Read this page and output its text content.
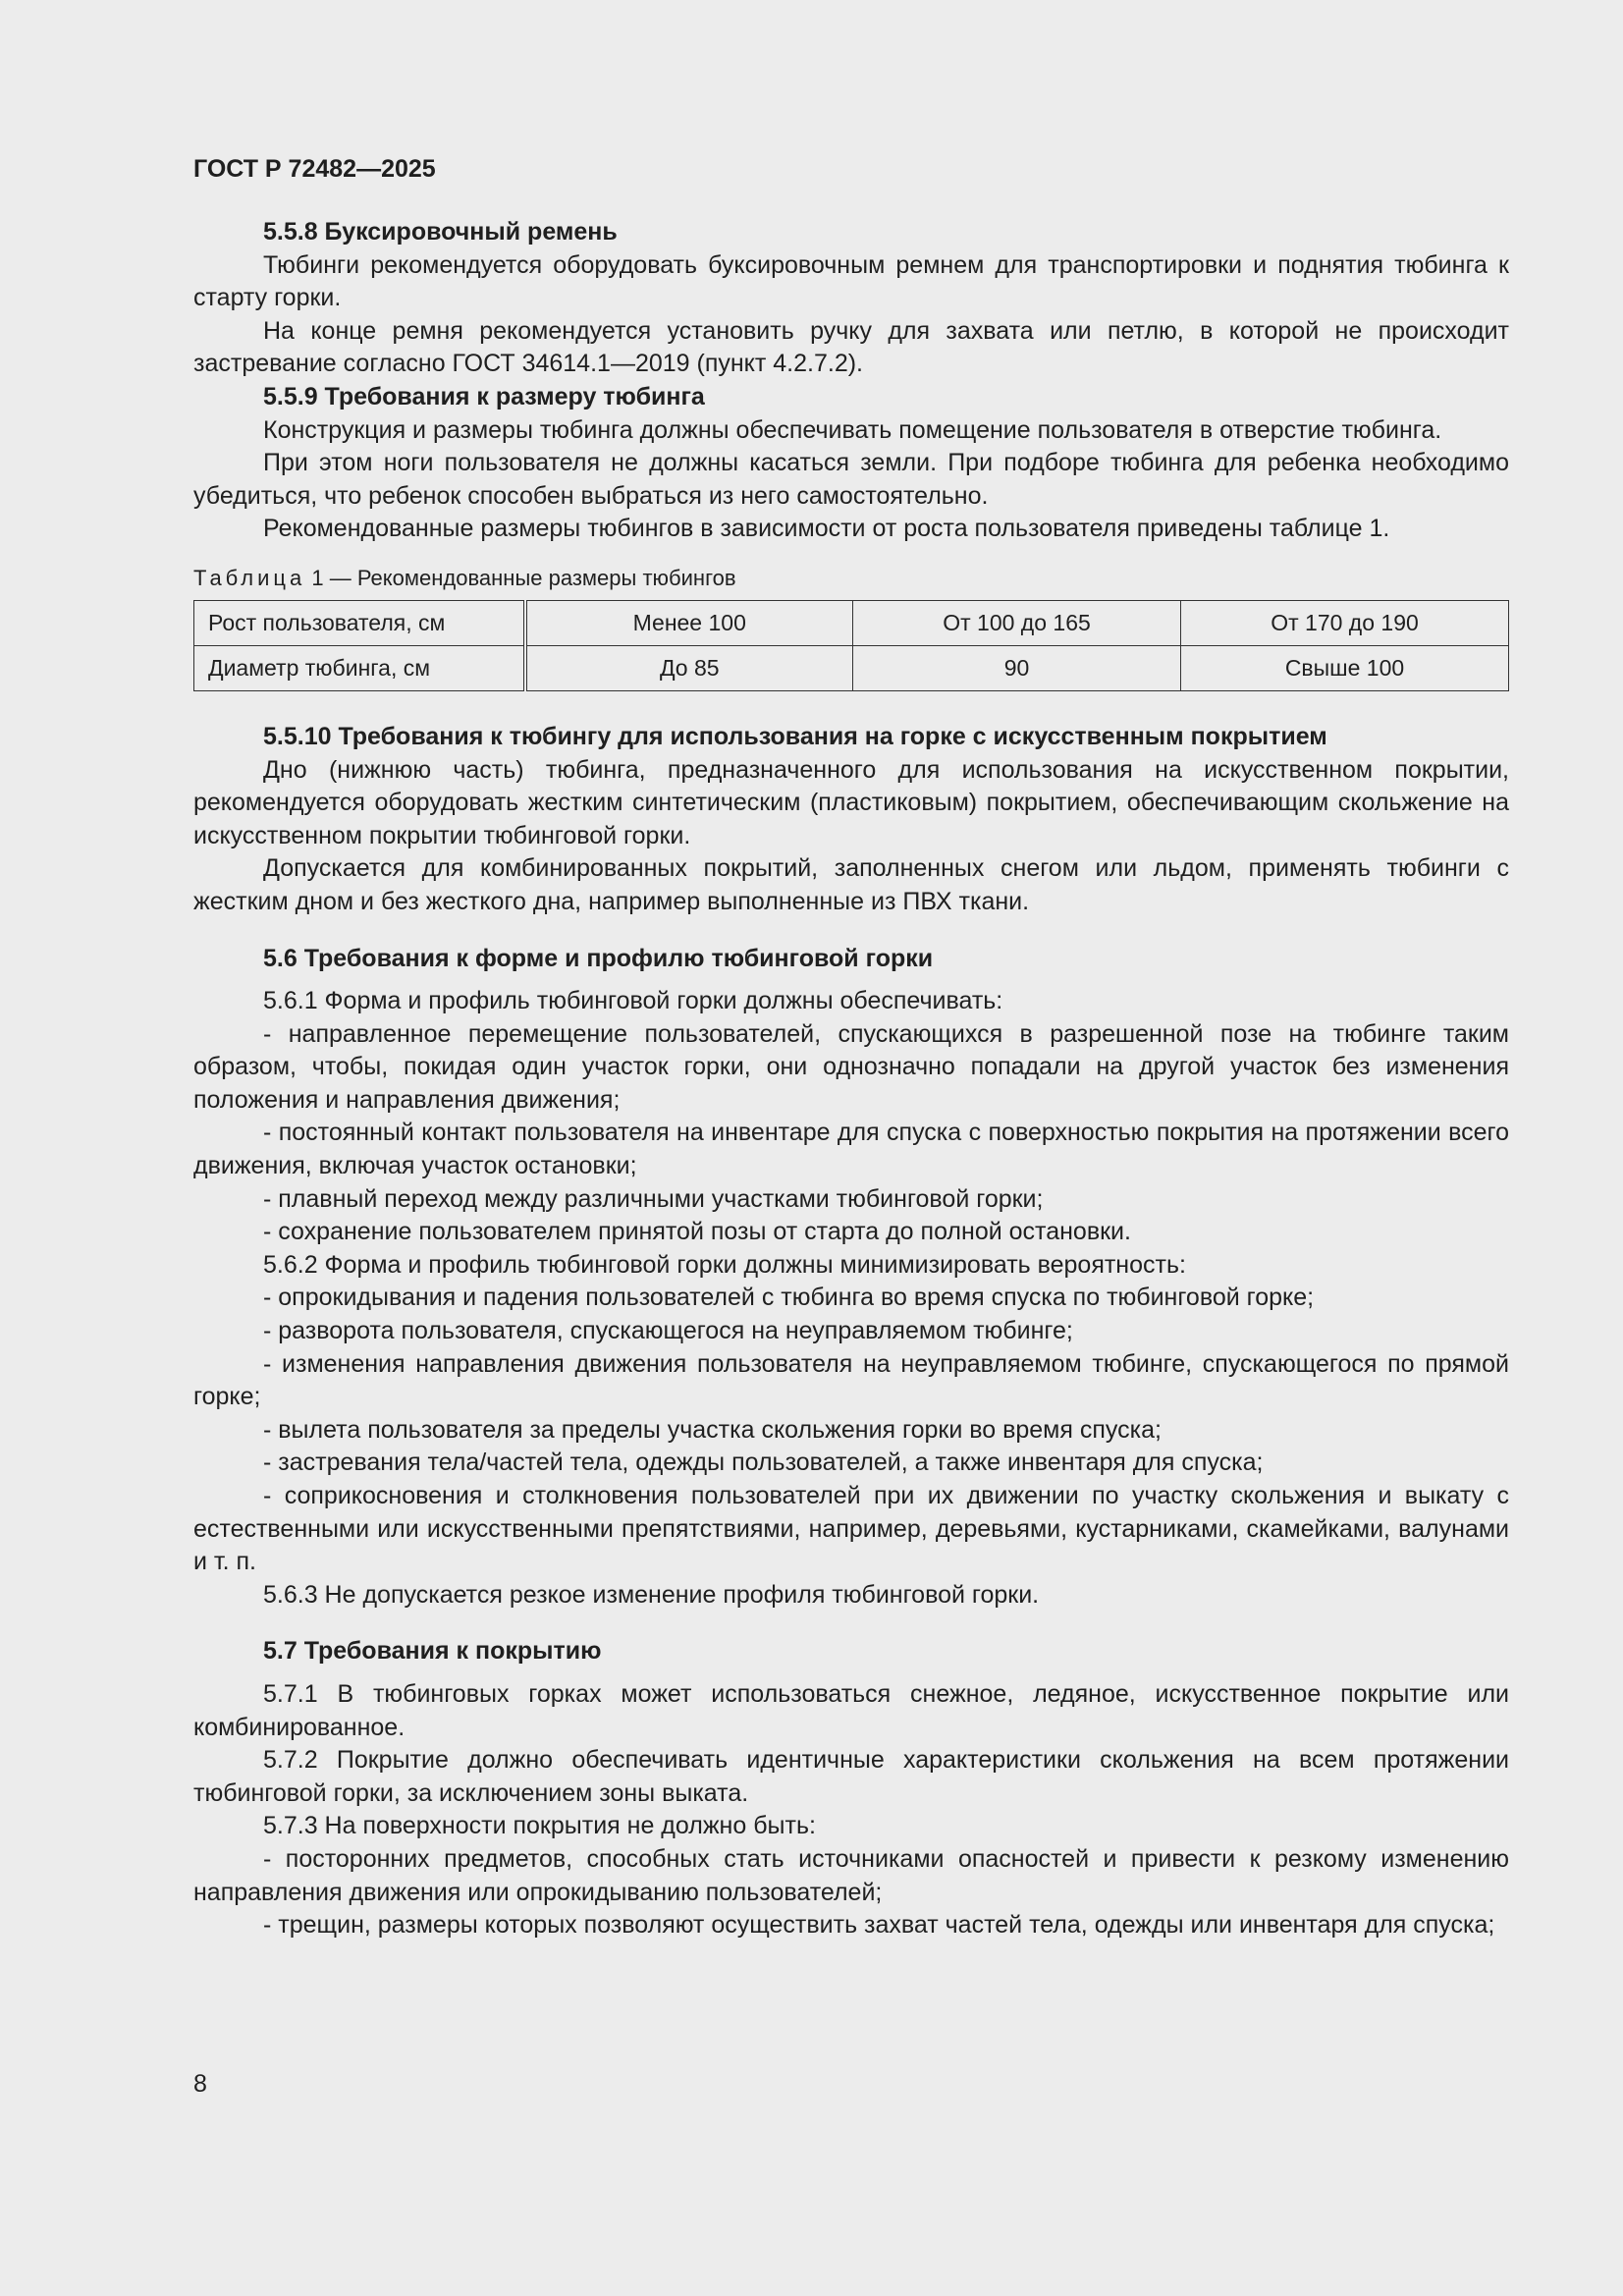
ГОСТ Р 72482—2025

5.5.8 Буксировочный ремень

Тюбинги рекомендуется оборудовать буксировочным ремнем для транспортировки и поднятия тюбинга к старту горки.

На конце ремня рекомендуется установить ручку для захвата или петлю, в которой не происходит застревание согласно ГОСТ 34614.1—2019 (пункт 4.2.7.2).

5.5.9 Требования к размеру тюбинга

Конструкция и размеры тюбинга должны обеспечивать помещение пользователя в отверстие тюбинга.

При этом ноги пользователя не должны касаться земли. При подборе тюбинга для ребенка необходимо убедиться, что ребенок способен выбраться из него самостоятельно.

Рекомендованные размеры тюбингов в зависимости от роста пользователя приведены таблице 1.

Таблица 1 — Рекомендованные размеры тюбингов
Рост пользователя, см	Менее 100	От 100 до 165	От 170 до 190
Диаметр тюбинга, см	До 85	90	Свыше 100

5.5.10 Требования к тюбингу для использования на горке с искусственным покрытием

Дно (нижнюю часть) тюбинга, предназначенного для использования на искусственном покрытии, рекомендуется оборудовать жестким синтетическим (пластиковым) покрытием, обеспечивающим скольжение на искусственном покрытии тюбинговой горки.

Допускается для комбинированных покрытий, заполненных снегом или льдом, применять тюбинги с жестким дном и без жесткого дна, например выполненные из ПВХ ткани.

5.6 Требования к форме и профилю тюбинговой горки

5.6.1 Форма и профиль тюбинговой горки должны обеспечивать:

- направленное перемещение пользователей, спускающихся в разрешенной позе на тюбинге таким образом, чтобы, покидая один участок горки, они однозначно попадали на другой участок без изменения положения и направления движения;

- постоянный контакт пользователя на инвентаре для спуска с поверхностью покрытия на протяжении всего движения, включая участок остановки;

- плавный переход между различными участками тюбинговой горки;

- сохранение пользователем принятой позы от старта до полной остановки.

5.6.2 Форма и профиль тюбинговой горки должны минимизировать вероятность:

- опрокидывания и падения пользователей с тюбинга во время спуска по тюбинговой горке;

- разворота пользователя, спускающегося на неуправляемом тюбинге;

- изменения направления движения пользователя на неуправляемом тюбинге, спускающегося по прямой горке;

- вылета пользователя за пределы участка скольжения горки во время спуска;

- застревания тела/частей тела, одежды пользователей, а также инвентаря для спуска;

- соприкосновения и столкновения пользователей при их движении по участку скольжения и выкату с естественными или искусственными препятствиями, например, деревьями, кустарниками, скамейками, валунами и т. п.

5.6.3 Не допускается резкое изменение профиля тюбинговой горки.

5.7 Требования к покрытию

5.7.1 В тюбинговых горках может использоваться снежное, ледяное, искусственное покрытие или комбинированное.

5.7.2 Покрытие должно обеспечивать идентичные характеристики скольжения на всем протяжении тюбинговой горки, за исключением зоны выката.

5.7.3 На поверхности покрытия не должно быть:

- посторонних предметов, способных стать источниками опасностей и привести к резкому изменению направления движения или опрокидыванию пользователей;

- трещин, размеры которых позволяют осуществить захват частей тела, одежды или инвентаря для спуска;

8
